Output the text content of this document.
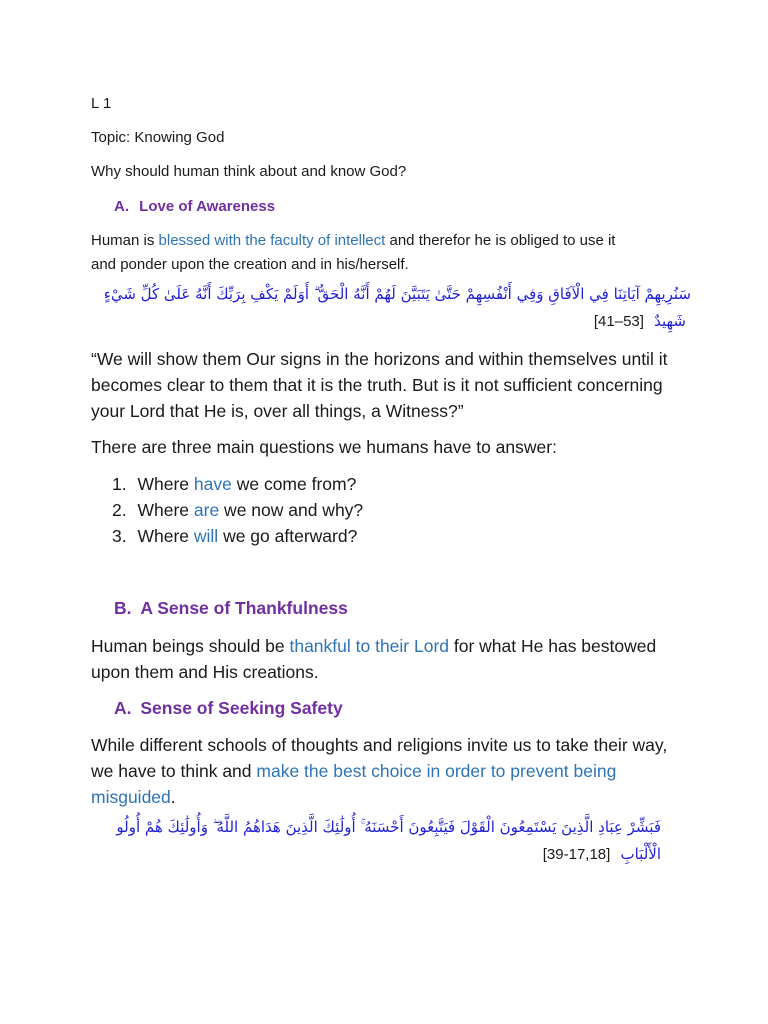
L 1
Topic: Knowing God
Why should human think about and know God?
A. Love of Awareness
Human is blessed with the faculty of intellect and therefor he is obliged to use it
and ponder upon the creation and in his/herself.
سَنُرِيهِمْ آيَاتِنَا فِي الْآفَاقِ وَفِي أَنْفُسِهِمْ حَتَّىٰ يَتَبَيَّنَ لَهُمْ أَنَّهُ الْحَقُّ ۗ أَوَلَمْ يَكْفِ بِرَبِّكَ أَنَّهُ عَلَىٰ كُلِّ شَيْءٍ
[41–53] شَهِيدٌ
“We will show them Our signs in the horizons and within themselves until it
becomes clear to them that it is the truth. But is it not sufficient concerning
your Lord that He is, over all things, a Witness?”
There are three main questions we humans have to answer:
1. Where have we come from?
2. Where are we now and why?
3. Where will we go afterward?
B. A Sense of Thankfulness
Human beings should be thankful to their Lord for what He has bestowed
upon them and His creations.
A. Sense of Seeking Safety
While different schools of thoughts and religions invite us to take their way,
we have to think and make the best choice in order to prevent being
misguided.
فَبَشِّرْ عِبَادِ الَّذِينَ يَسْتَمِعُونَ الْقَوْلَ فَيَتَّبِعُونَ أَحْسَنَهُ ۚ أُولَٰئِكَ الَّذِينَ هَدَاهُمُ اللَّهُ ۖ وَأُولَٰئِكَ هُمْ أُولُو
[39-17,18] الْأَلْبَابِ
